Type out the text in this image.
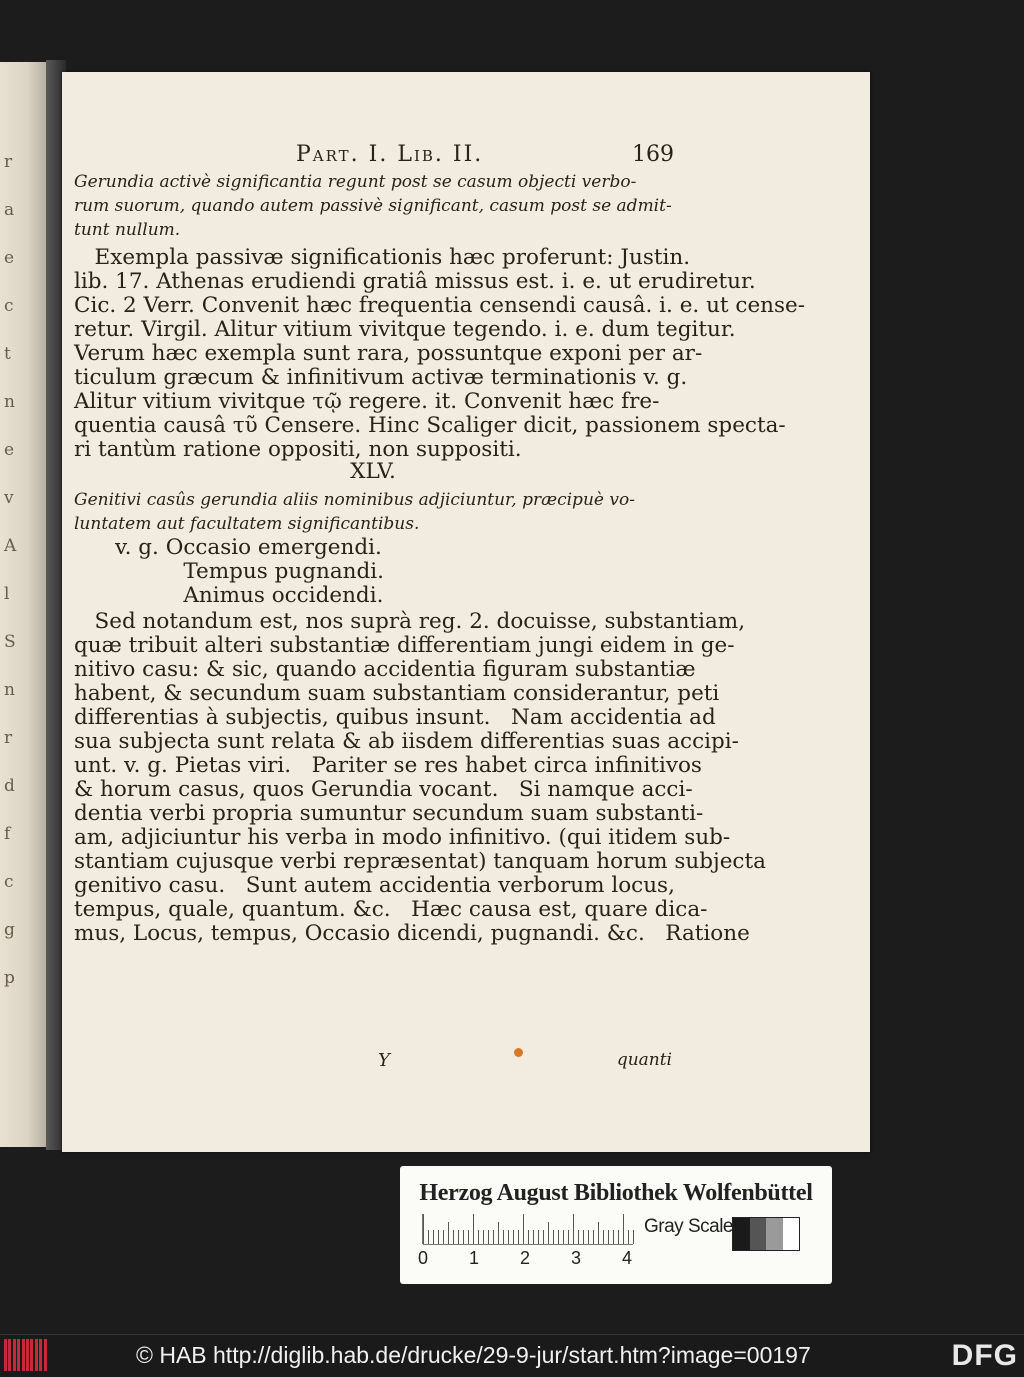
r
a
e
c
t
n
e
v
A
l
S
n
r
d
f
c
g
p
Part. I. Lib. II.	169
Gerundia activè significantia regunt post se casum objecti verbo-
rum suorum, quando autem passivè significant, casum post se admit-
tunt nullum.
Exempla passivæ significationis hæc proferunt: Justin.
lib. 17. Athenas erudiendi gratiâ missus est. i. e. ut erudiretur.
Cic. 2 Verr. Convenit hæc frequentia censendi causâ. i. e. ut cense-
retur. Virgil. Alitur vitium vivitque tegendo. i. e. dum tegitur.
Verum hæc exempla sunt rara, possuntque exponi per ar-
ticulum græcum & infinitivum activæ terminationis v. g.
Alitur vitium vivitque τῷ regere. it. Convenit hæc fre-
quentia causâ τῦ Censere. Hinc Scaliger dicit, passionem specta-
ri tantùm ratione oppositi, non suppositi.
XLV.
Genitivi casûs gerundia aliis nominibus adjiciuntur, præcipuè vo-
luntatem aut facultatem significantibus.
v. g. Occasio emergendi.
Tempus pugnandi.
Animus occidendi.
Sed notandum est, nos suprà reg. 2. docuisse, substantiam,
quæ tribuit alteri substantiæ differentiam jungi eidem in ge-
nitivo casu: & sic, quando accidentia figuram substantiæ
habent, & secundum suam substantiam considerantur, peti
differentias à subjectis, quibus insunt.   Nam accidentia ad
sua subjecta sunt relata & ab iisdem differentias suas accipi-
unt. v. g. Pietas viri.   Pariter se res habet circa infinitivos
& horum casus, quos Gerundia vocant.   Si namque acci-
dentia verbi propria sumuntur secundum suam substanti-
am, adjiciuntur his verba in modo infinitivo. (qui itidem sub-
stantiam cujusque verbi repræsentat) tanquam horum subjecta
genitivo casu.   Sunt autem accidentia verborum locus,
tempus, quale, quantum. &c.   Hæc causa est, quare dica-
mus, Locus, tempus, Occasio dicendi, pugnandi. &c.   Ratione
Y	quanti
Herzog August Bibliothek Wolfenbüttel
0 1 2 3 4
Gray Scale
© HAB http://diglib.hab.de/drucke/29-9-jur/start.htm?image=00197	DFG
